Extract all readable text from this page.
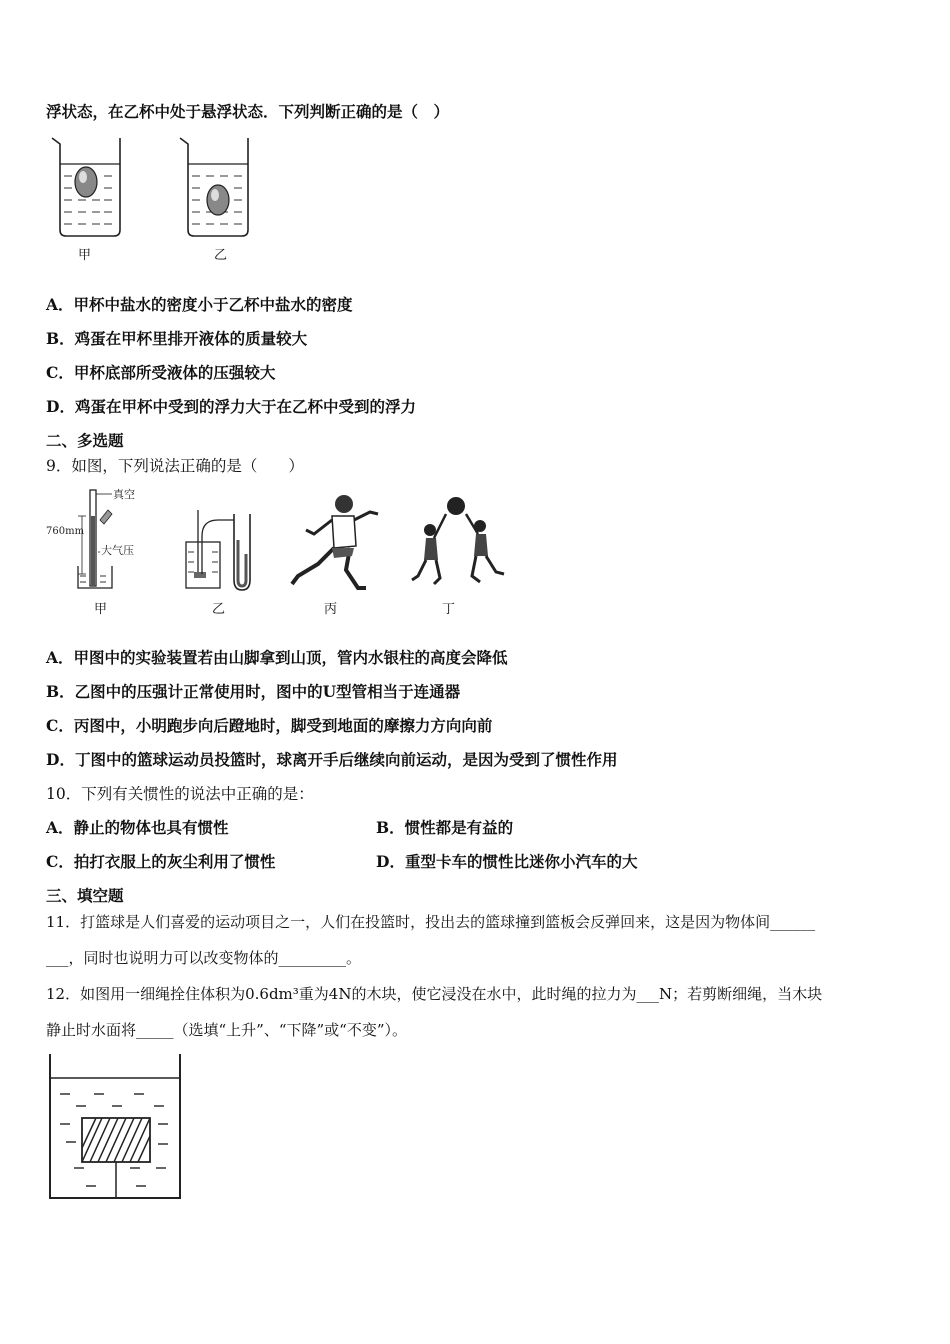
浮状态，在乙杯中处于悬浮状态．下列判断正确的是（　）
甲	乙
A．甲杯中盐水的密度小于乙杯中盐水的密度
B．鸡蛋在甲杯里排开液体的质量较大
C．甲杯底部所受液体的压强较大
D．鸡蛋在甲杯中受到的浮力大于在乙杯中受到的浮力
二、多选题
9．如图，下列说法正确的是（　　）
真空
760mm
大气压
甲	乙	丙	丁
A．甲图中的实验装置若由山脚拿到山顶，管内水银柱的高度会降低
B．乙图中的压强计正常使用时，图中的U型管相当于连通器
C．丙图中，小明跑步向后蹬地时，脚受到地面的摩擦力方向向前
D．丁图中的篮球运动员投篮时，球离开手后继续向前运动，是因为受到了惯性作用
10．下列有关惯性的说法中正确的是：
A．静止的物体也具有惯性	B．惯性都是有益的
C．拍打衣服上的灰尘利用了惯性	D．重型卡车的惯性比迷你小汽车的大
三、填空题
11．打篮球是人们喜爱的运动项目之一，人们在投篮时，投出去的篮球撞到篮板会反弹回来，这是因为物体间______
___，同时也说明力可以改变物体的_________。
12．如图用一细绳拴住体积为0.6dm³重为4N的木块，使它浸没在水中，此时绳的拉力为___N；若剪断细绳，当木块
静止时水面将_____（选填“上升”、“下降”或“不变”）。
